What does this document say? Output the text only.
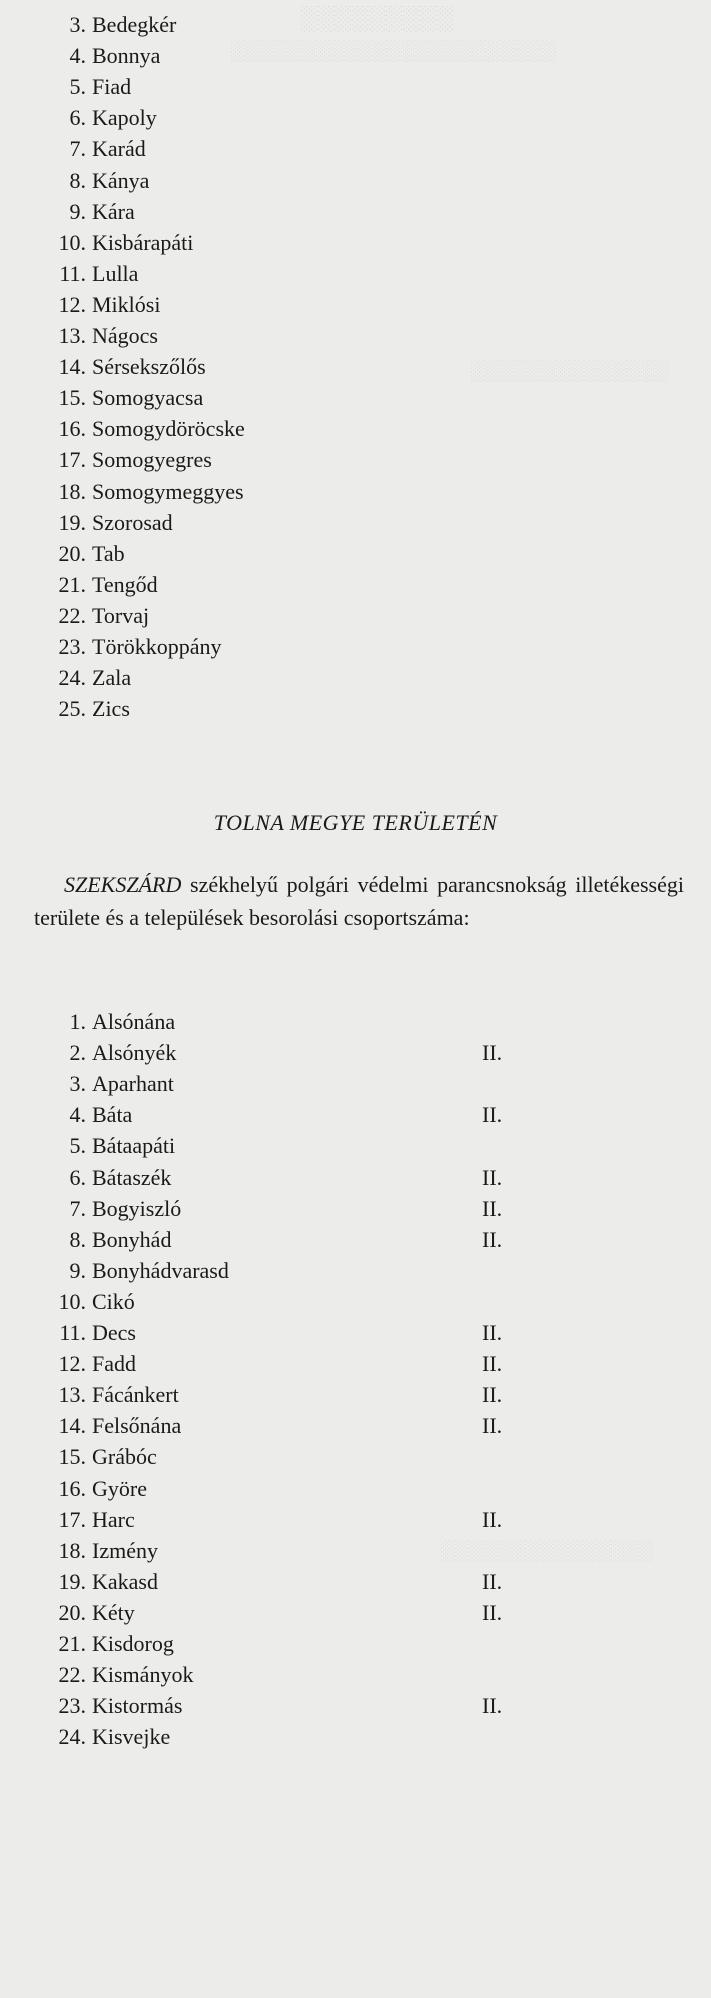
░░░░░░░░░
░░░░░░░░░░░░░░░░░░░░░░░
░░░░░░░░░░░░░░
░░░░░░░░░░░░░░░
3. Bedegkér
4. Bonnya
5. Fiad
6. Kapoly
7. Karád
8. Kánya
9. Kára
10. Kisbárapáti
11. Lulla
12. Miklósi
13. Nágocs
14. Sérsekszőlős
15. Somogyacsa
16. Somogydöröcske
17. Somogyegres
18. Somogymeggyes
19. Szorosad
20. Tab
21. Tengőd
22. Torvaj
23. Törökkoppány
24. Zala
25. Zics
TOLNA MEGYE TERÜLETÉN
SZEKSZÁRD székhelyű polgári védelmi parancsnokság illetékességi területe és a települések besorolási csoportszáma:
1. Alsónána
2. Alsónyék	II.
3. Aparhant
4. Báta	II.
5. Bátaapáti
6. Bátaszék	II.
7. Bogyiszló	II.
8. Bonyhád	II.
9. Bonyhádvarasd
10. Cikó
11. Decs	II.
12. Fadd	II.
13. Fácánkert	II.
14. Felsőnána	II.
15. Grábóc
16. Györe
17. Harc	II.
18. Izmény
19. Kakasd	II.
20. Kéty	II.
21. Kisdorog
22. Kismányok
23. Kistormás	II.
24. Kisvejke
